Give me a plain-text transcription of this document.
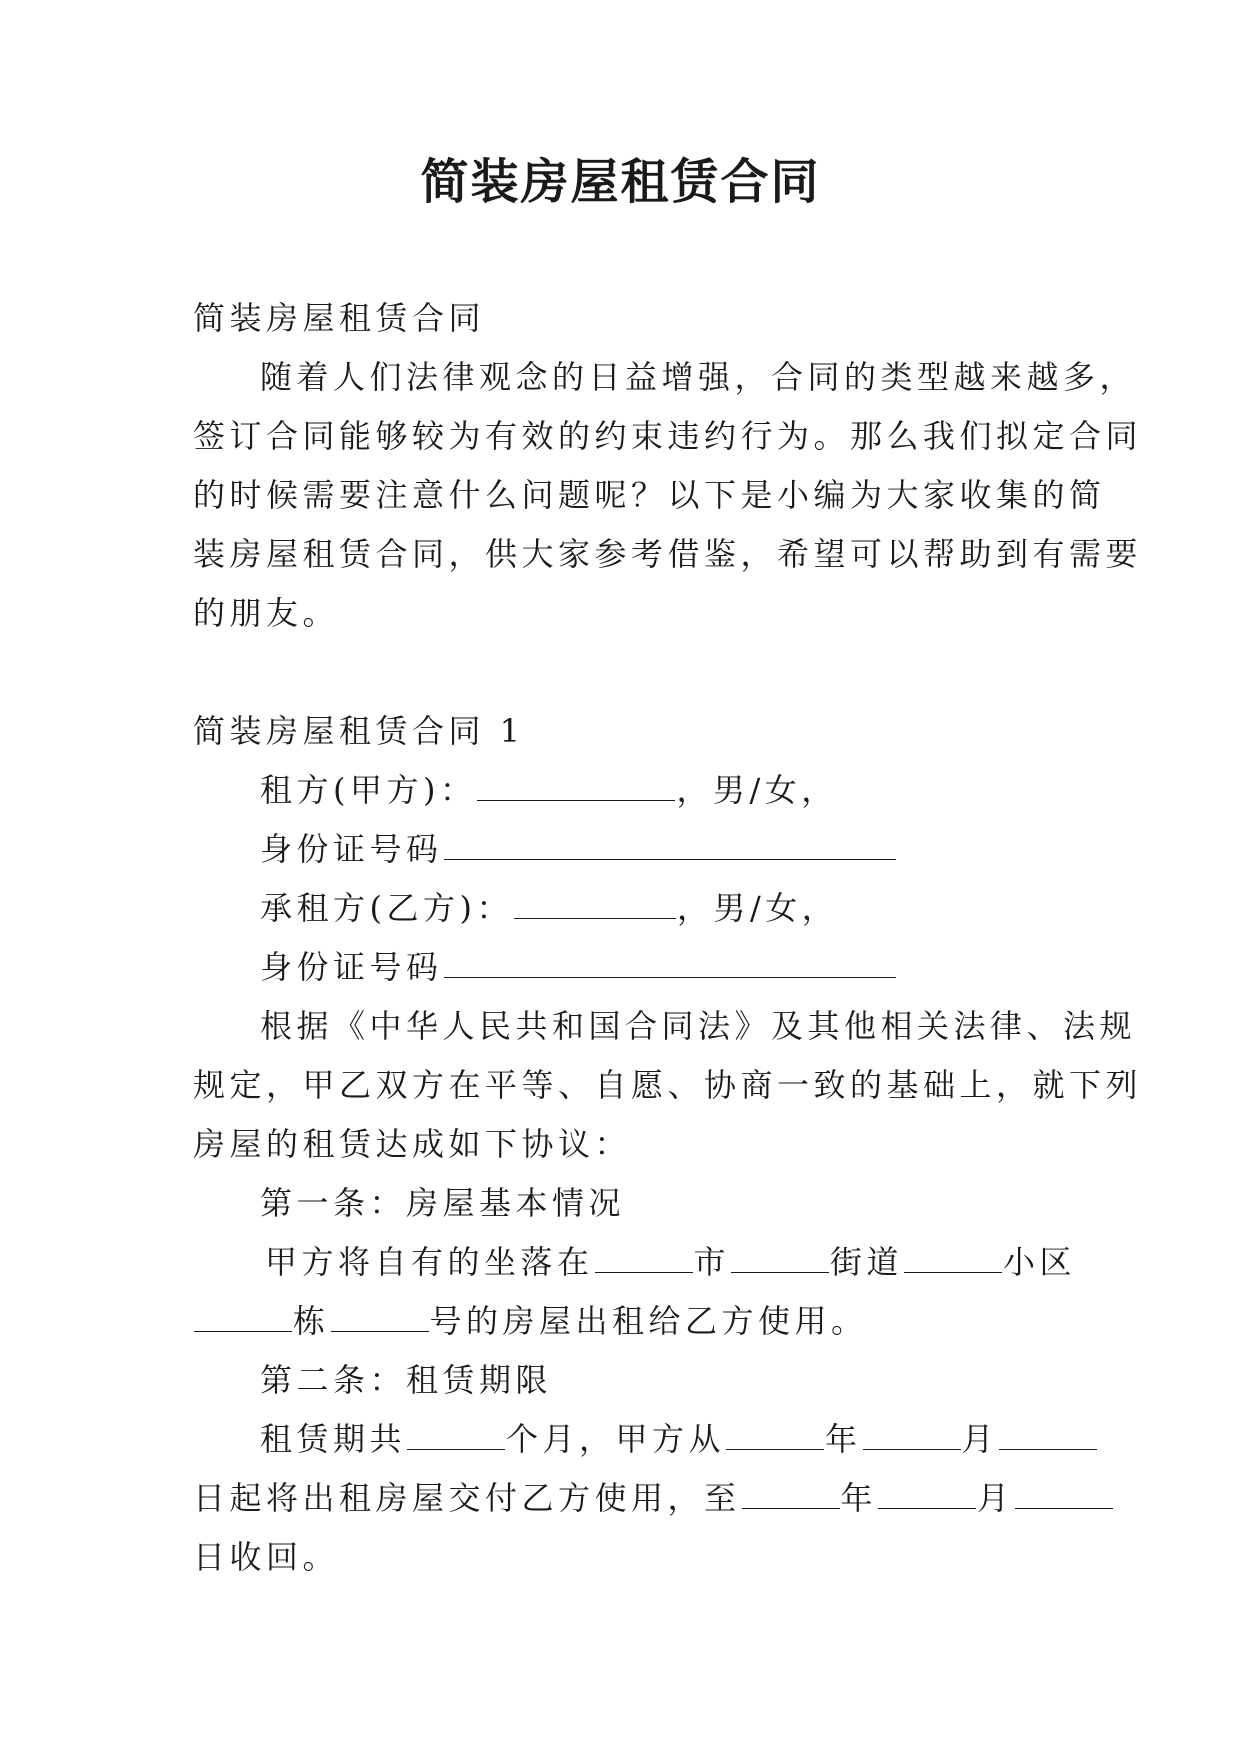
简装房屋租赁合同

简装房屋租赁合同

随着人们法律观念的日益增强，合同的类型越来越多，

签订合同能够较为有效的约束违约行为。那么我们拟定合同

的时候需要注意什么问题呢？以下是小编为大家收集的简

装房屋租赁合同，供大家参考借鉴，希望可以帮助到有需要

的朋友。

简装房屋租赁合同 1

租方(甲方)：	，男/女，

身份证号码

承租方(乙方)：	，男/女，

身份证号码

根据《中华人民共和国合同法》及其他相关法律、法规

规定，甲乙双方在平等、自愿、协商一致的基础上，就下列

房屋的租赁达成如下协议：

第一条：房屋基本情况

甲方将自有的坐落在	市	街道	小区

栋	号的房屋出租给乙方使用。

第二条：租赁期限

租赁期共	个月，甲方从	年	月

日起将出租房屋交付乙方使用，至	年	月

日收回。
